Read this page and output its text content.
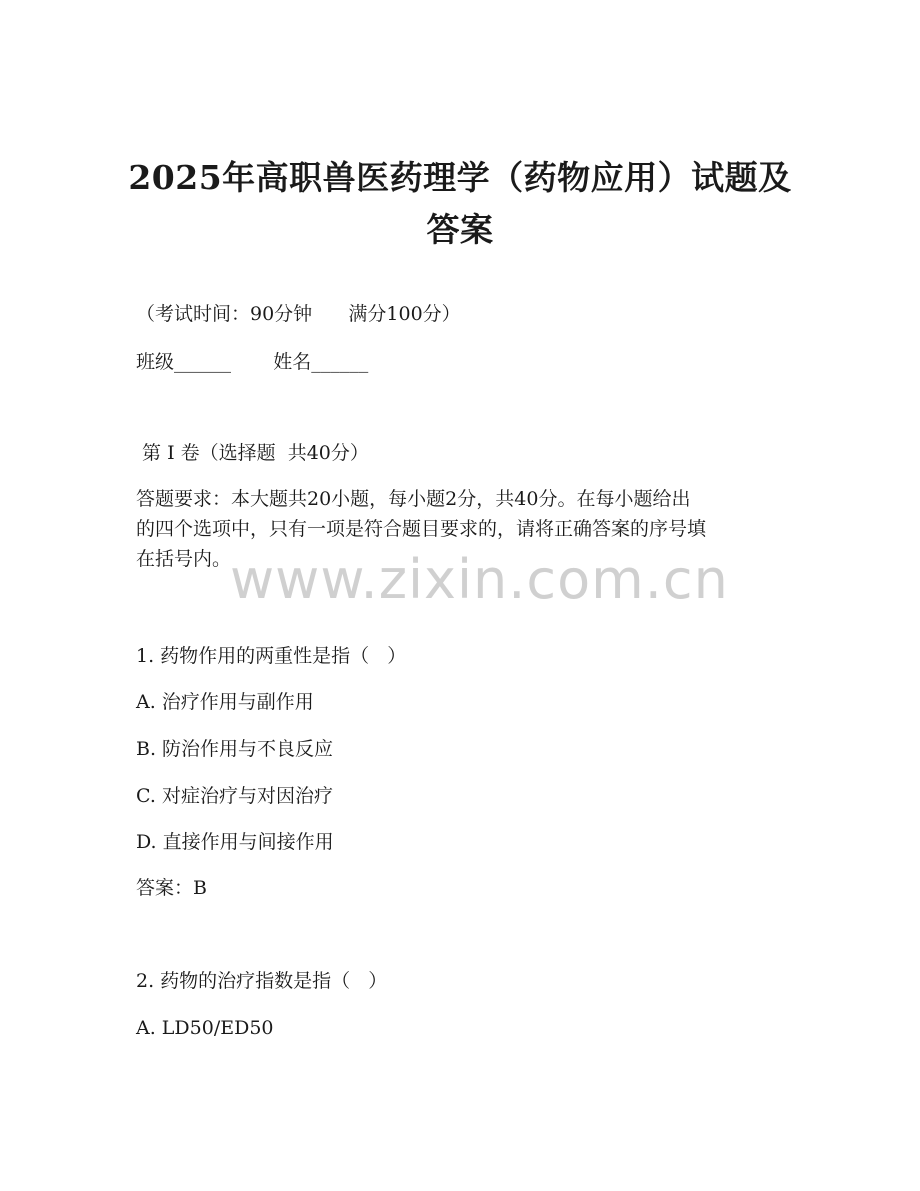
2025年高职兽医药理学（药物应用）试题及
答案
（考试时间：90分钟      满分100分）
班级______       姓名______
第 I 卷（选择题  共40分）
答题要求：本大题共20小题，每小题2分，共40分。在每小题给出
的四个选项中，只有一项是符合题目要求的，请将正确答案的序号填
在括号内。
www.zixin.com.cn
1. 药物作用的两重性是指（   ）
A. 治疗作用与副作用
B. 防治作用与不良反应
C. 对症治疗与对因治疗
D. 直接作用与间接作用
答案：B
2. 药物的治疗指数是指（   ）
A. LD50/ED50
